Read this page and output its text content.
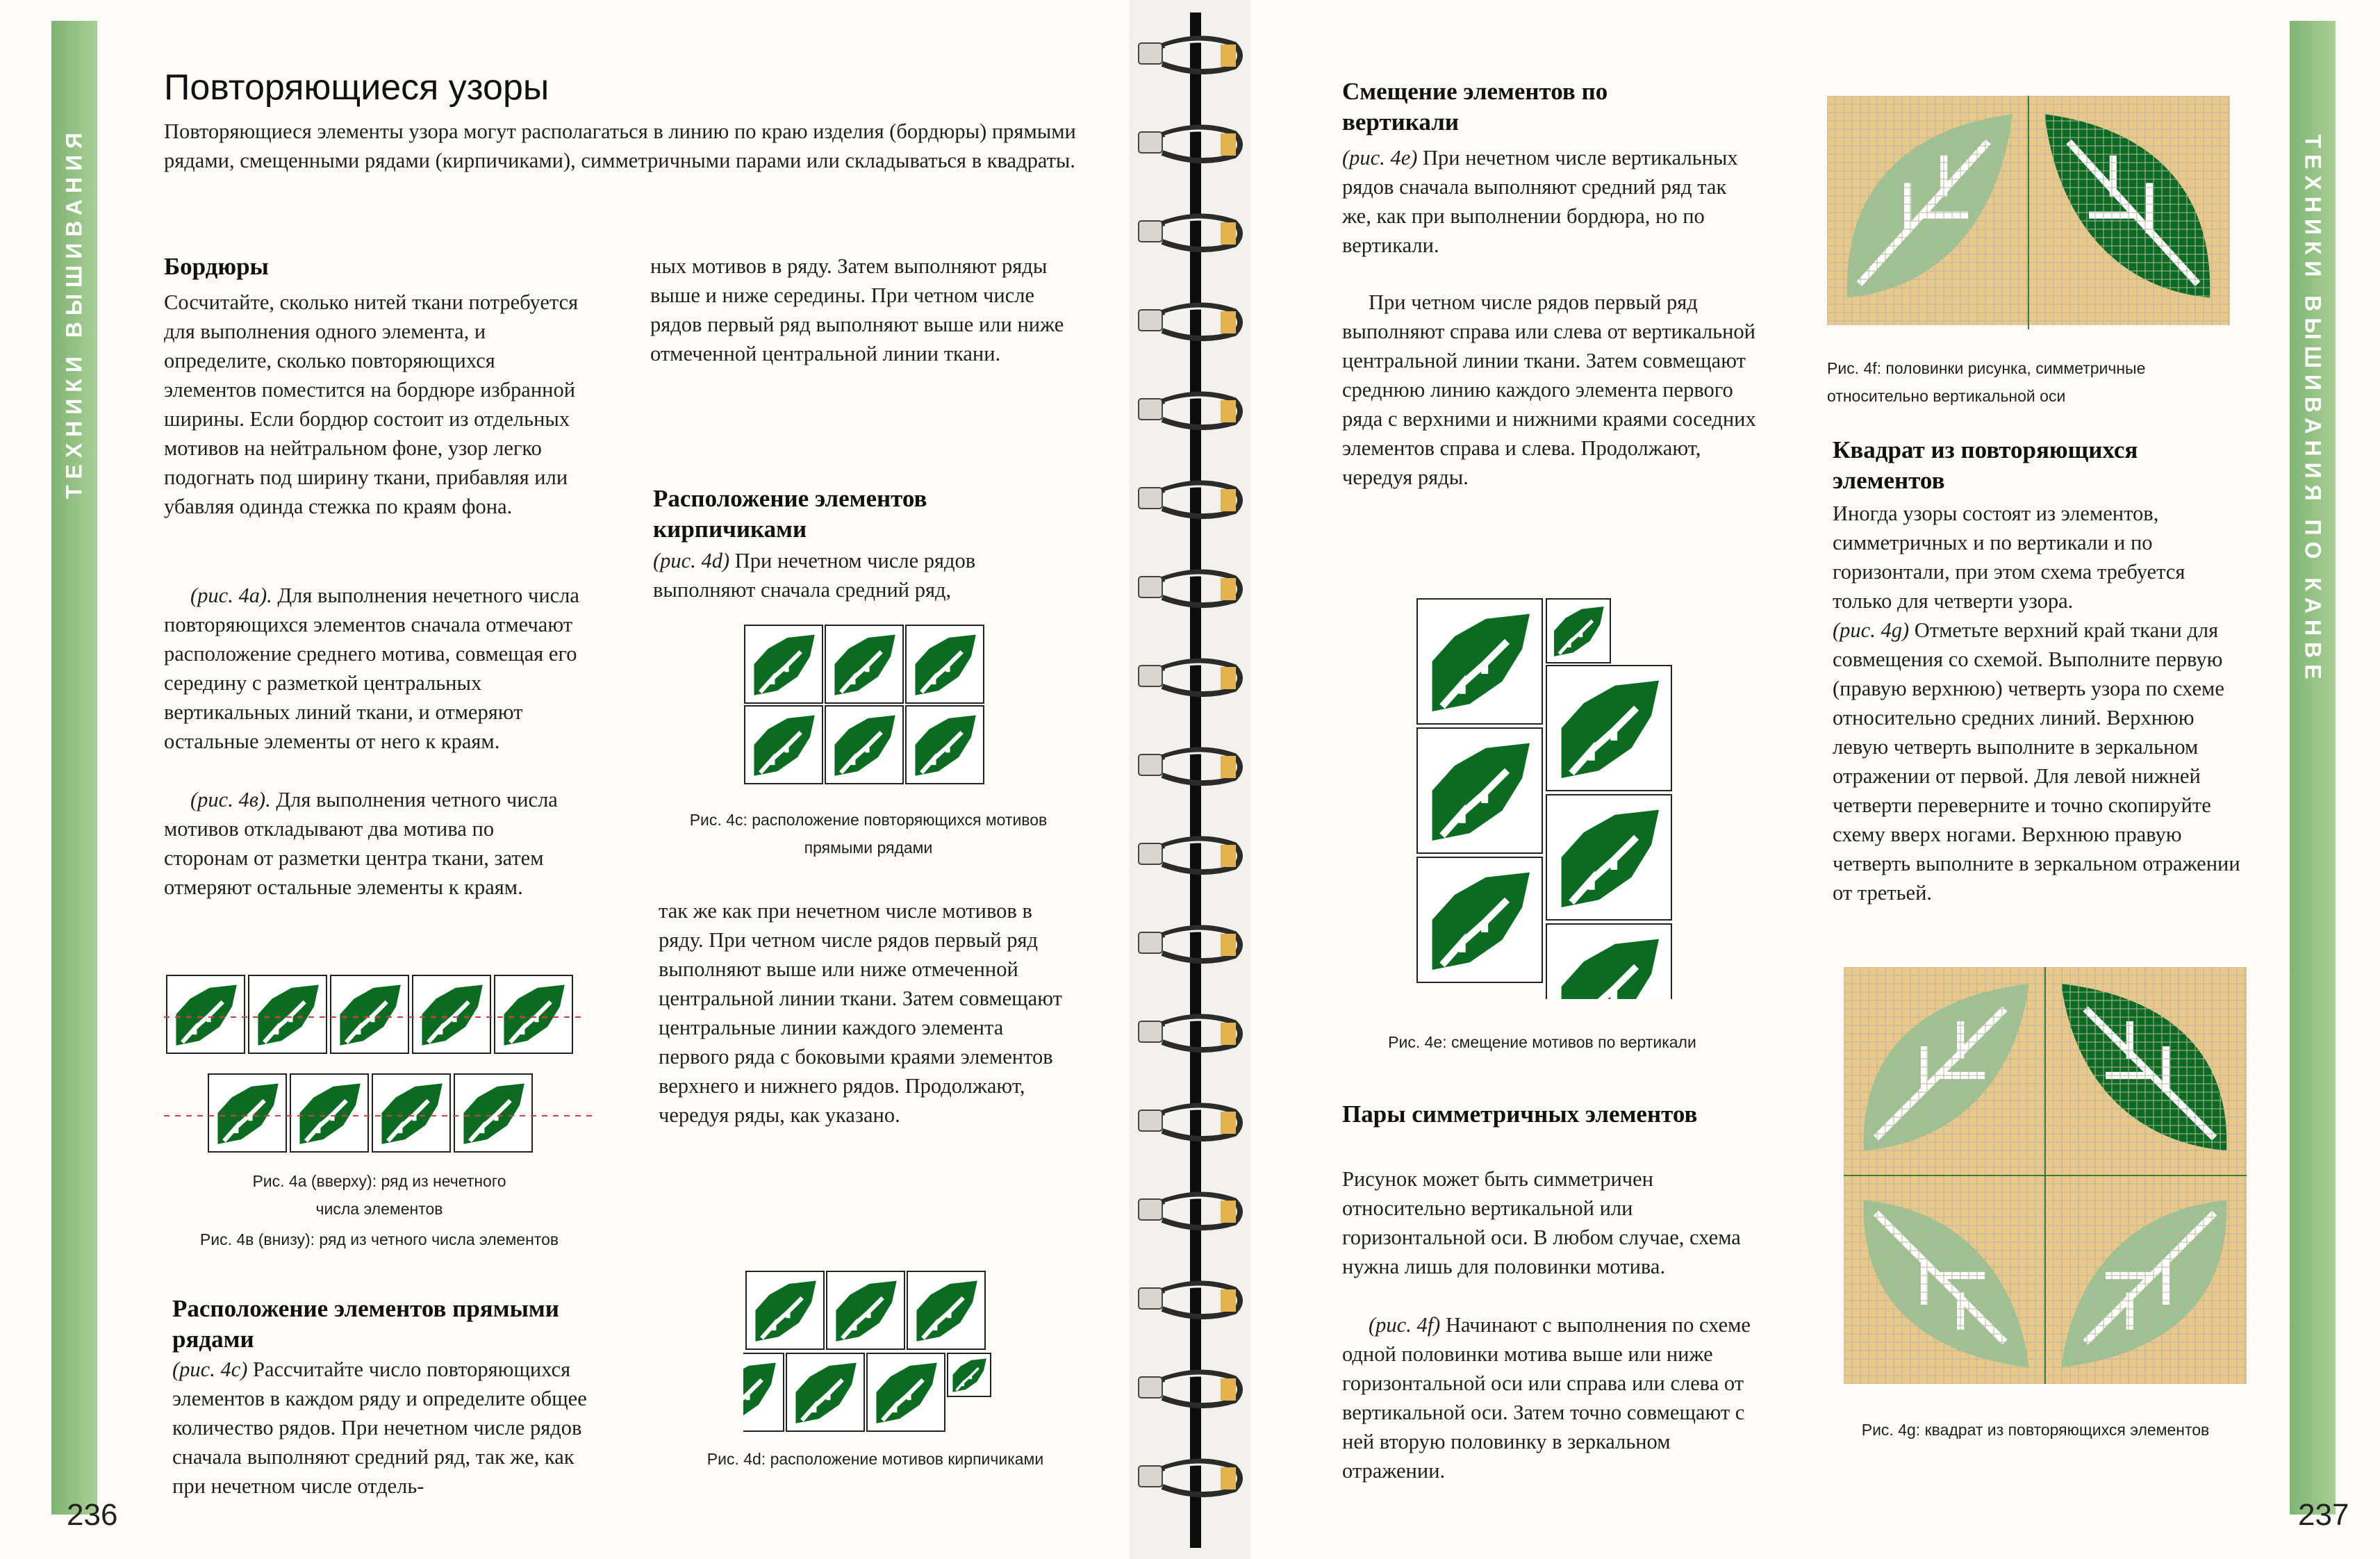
ТЕХНИКИ ВЫШИВАНИЯ
236
Повторяющиеся узоры
Повторяющиеся элементы узора могут располагаться в линию по краю изделия (бордюры) прямыми рядами, смещенными рядами (кирпичиками), симметричными парами или складываться в квадраты.
Бордюры
Сосчитайте, сколько нитей ткани потребуется для выполнения одного элемента, и определите, сколько повторяющихся элементов поместится на бордюре избранной ширины. Если бордюр состоит из отдельных мотивов на нейтральном фоне, узор легко подогнать под ширину ткани, прибавляя или убавляя одинда стежка по краям фона.
(рис. 4а). Для выполнения нечетного числа повторяющихся элементов сначала отмечают расположение среднего мотива, совмещая его середину с разметкой центральных вертикальных линий ткани, и отмеряют остальные элементы от него к краям.
(рис. 4в). Для выполнения четного числа мотивов откладывают два мотива по сторонам от разметки центра ткани, затем отмеряют остальные элементы к краям.
Рис. 4а (вверху): ряд из нечетного
числа элементов
Рис. 4в (внизу): ряд из четного числа элементов
Расположение элементов прямыми рядами
(рис. 4с) Рассчитайте число повторяющихся элементов в каждом ряду и определите общее количество рядов. При нечетном числе рядов сначала выполняют средний ряд, так же, как при нечетном числе отдель-
ных мотивов в ряду. Затем выполняют ряды выше и ниже середины. При четном числе рядов первый ряд выполняют выше или ниже отмеченной центральной линии ткани.
Расположение элементов кирпичиками
(рис. 4d) При нечетном числе рядов выполняют сначала средний ряд,
Рис. 4с: расположение повторяющихся мотивов
прямыми рядами
так же как при нечетном числе мотивов в ряду. При четном числе рядов первый ряд выполняют выше или ниже отмеченной центральной линии ткани. Затем совмещают центральные линии каждого элемента первого ряда с боковыми краями элементов верхнего и нижнего рядов. Продолжают, чередуя ряды, как указано.
Рис. 4d: расположение мотивов кирпичиками
ТЕХНИКИ ВЫШИВАНИЯ ПО КАНВЕ
237
Смещение элементов по вертикали
(рис. 4е) При нечетном числе вертикальных рядов сначала выполняют средний ряд так же, как при выполнении бордюра, но по вертикали.
При четном числе рядов первый ряд выполняют справа или слева от вертикальной центральной линии ткани. Затем совмещают среднюю линию каждого элемента первого ряда с верхними и нижними краями соседних элементов справа и слева. Продолжают, чередуя ряды.
Рис. 4е: смещение мотивов по вертикали
Пары симметричных элементов
Рисунок может быть симметричен относительно вертикальной или горизонтальной оси. В любом случае, схема нужна лишь для половинки мотива.
(рис. 4f) Начинают с выполнения по схеме одной половинки мотива выше или ниже горизонтальной оси или справа или слева от вертикальной оси. Затем точно совмещают с ней вторую половинку в зеркальном отражении.
Рис. 4f: половинки рисунка, симметричные
относительно вертикальной оси
Квадрат из повторяющихся элементов
Иногда узоры состоят из элементов, симметричных и по вертикали и по горизонтали, при этом схема требуется только для четверти узора.
(рис. 4g) Отметьте верхний край ткани для совмещения со схемой. Выполните первую (правую верхнюю) четверть узора по схеме относительно средних линий. Верхнюю левую четверть выполните в зеркальном отражении от первой. Для левой нижней четверти переверните и точно скопируйте схему вверх ногами. Верхнюю правую четверть выполните в зеркальном отражении от третьей.
Рис. 4g: квадрат из повторяющихся элементов
